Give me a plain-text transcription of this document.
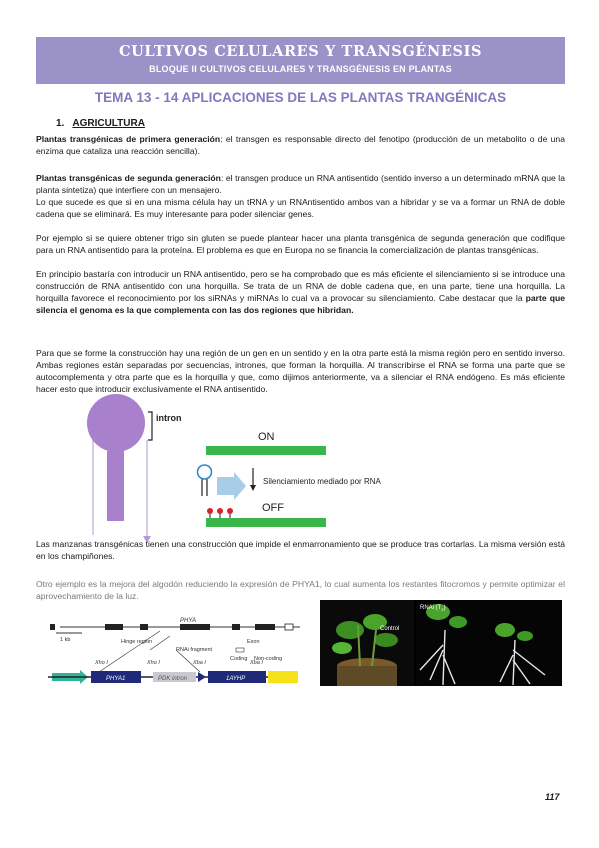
CULTIVOS CELULARES Y TRANSGÉNESIS
BLOQUE II CULTIVOS CELULARES Y TRANSGÉNESIS EN PLANTAS
TEMA 13 - 14 APLICACIONES DE LAS PLANTAS TRANGÉNICAS
1. AGRICULTURA
Plantas transgénicas de primera generación: el transgen es responsable directo del fenotipo (producción de un metabolito o de una enzima que cataliza una reacción sencilla).
Plantas transgénicas de segunda generación: el transgen produce un RNA antisentido (sentido inverso a un determinado mRNA que la planta sintetiza) que interfiere con un mensajero.
Lo que sucede es que si en una misma célula hay un tRNA y un RNAntisentido ambos van a hibridar y se va a formar un RNA de doble cadena que se eliminará. Es muy interesante para poder silenciar genes.
Por ejemplo si se quiere obtener trigo sin gluten se puede plantear hacer una planta transgénica de segunda generación que codifique para un RNA antisentido para la proteína. El problema es que en Europa no se financia la comercialización de plantas transgénicas.
En principio bastaría con introducir un RNA antisentido, pero se ha comprobado que es más eficiente el silenciamiento si se introduce una construcción de RNA antisentido con una horquilla. Se trata de un RNA de doble cadena que, en una parte, tiene una horquilla. La horquilla favorece el reconocimiento por los siRNAs y miRNAs lo cual va a provocar su silenciamiento. Cabe destacar que la parte que silencia el genoma es la que complementa con las dos regiones que hibridan.
Para que se forme la construcción hay una región de un gen en un sentido y en la otra parte está la misma región pero en sentido inverso. Ambas regiones están separadas por secuencias, intrones, que forman la horquilla. Al transcribirse el RNA se forma una parte que se autocomplementa y otra parte que es la horquilla y que, como dijimos anteriormente, va a silenciar el RNA endógeno. Es más eficiente hacer esto que introducir exclusivamente el RNA antisentido.
intron
ON
Silenciamiento mediado por RNA
OFF
Las manzanas transgénicas tienen una construcción que impide el enmarronamiento que se produce tras cortarlas. La misma versión está en los champiñones.
Otro ejemplo es la mejora del algodón reduciendo la expresión de PHYA1, lo cual aumenta los restantes fitocromos y permite optimizar el aprovechamiento de la luz.
PHYA
1 kb	Hinge region
RNAi fragment
Exon
Coding Non-coding
Xho I	Xho I	Xba I	Xba I
PHYA1	PDK intron	1AYHP
RNAi $(T_2)$
Control
117
